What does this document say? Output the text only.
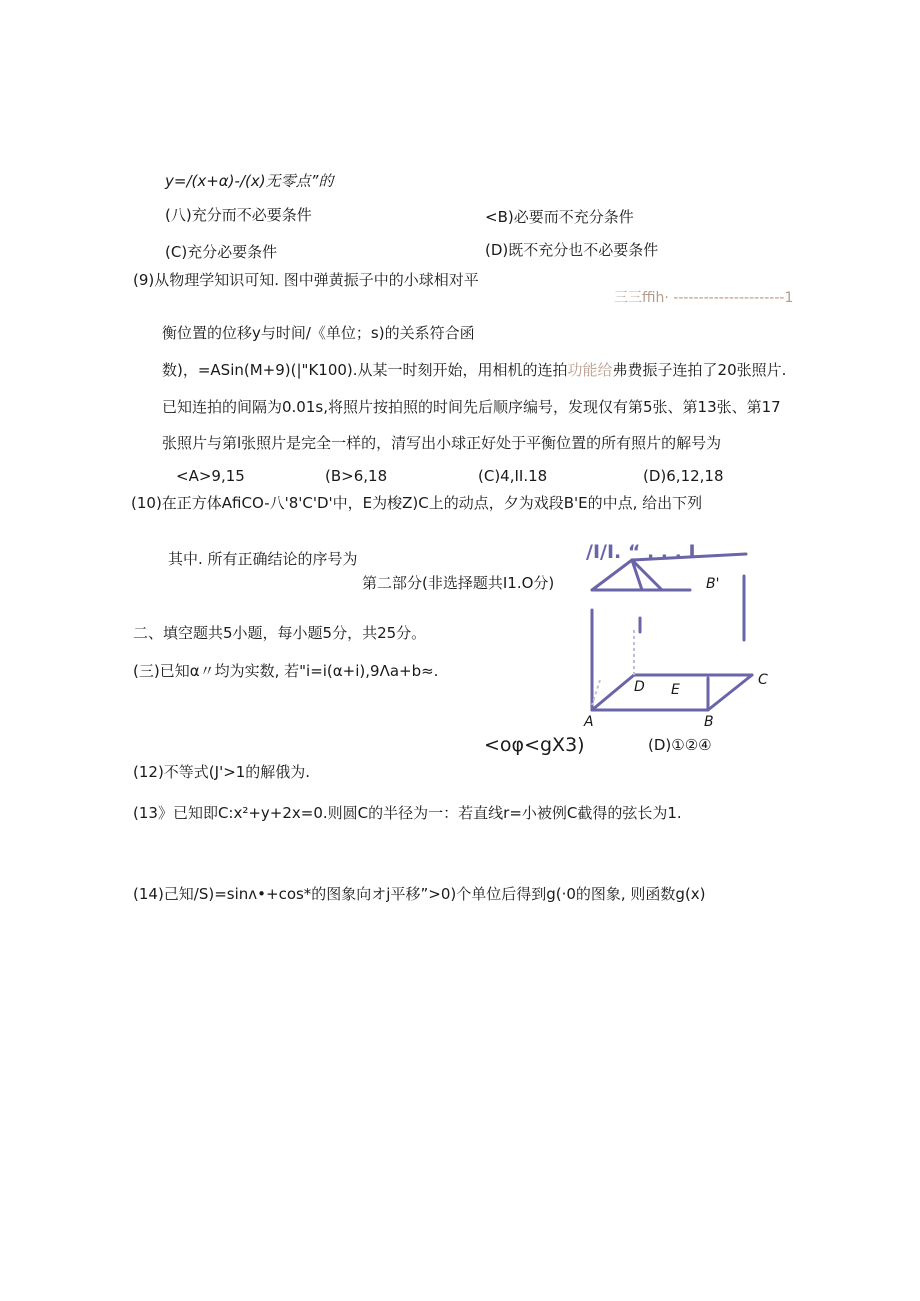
y=/(x+α)-/(x)无零点”的
(八)充分而不必要条件	<B)必要而不充分条件
(C)充分必要条件	(D)既不充分也不必要条件
(9)从物理学知识可知. 图中弹黄振子中的小球相对平
三三ffih· ----------------------1
衡位置的位移y与时间/《单位；s)的关系符合函
数)，=ASin(M+9)(|"K100).从某一时刻开始，用相机的连拍功能给弗费振子连拍了20张照片.
已知连拍的间隔为0.01s,将照片按拍照的时间先后顺序编号，发现仅有第5张、第13张、第17
张照片与第l张照片是完全一样的，清写出小球正好处于平衡位置的所有照片的解号为
<A>9,15	(B>6,18	(C)4,II.18	(D)6,12,18
(10)在正方体AfiCO-八'8'C'D'中，E为梭Z)C上的动点，夕为戏段B'E的中点, 给出下列
其中. 所有正确结论的序号为
第二部分(非选择题共I1.O分)
/I/I. “ . . . I
B'
D E
A	B
C
二、填空题共5小题，每小题5分，共25分。
(三)已知α〃均为实数, 若"i=i(α+i),9Λa+b≈.
<oφ<gX3)	(D)①②④
(12)不等式(J'>1的解俄为.
(13》已知即C:x²+y+2x=0.则圆C的半径为一：若直线r=小被例C截得的弦长为1.
(14)己知/S)=sinʌ•+cos*的图象向オj平移”>0)个单位后得到g(·0的图象, 则函数g(x)
